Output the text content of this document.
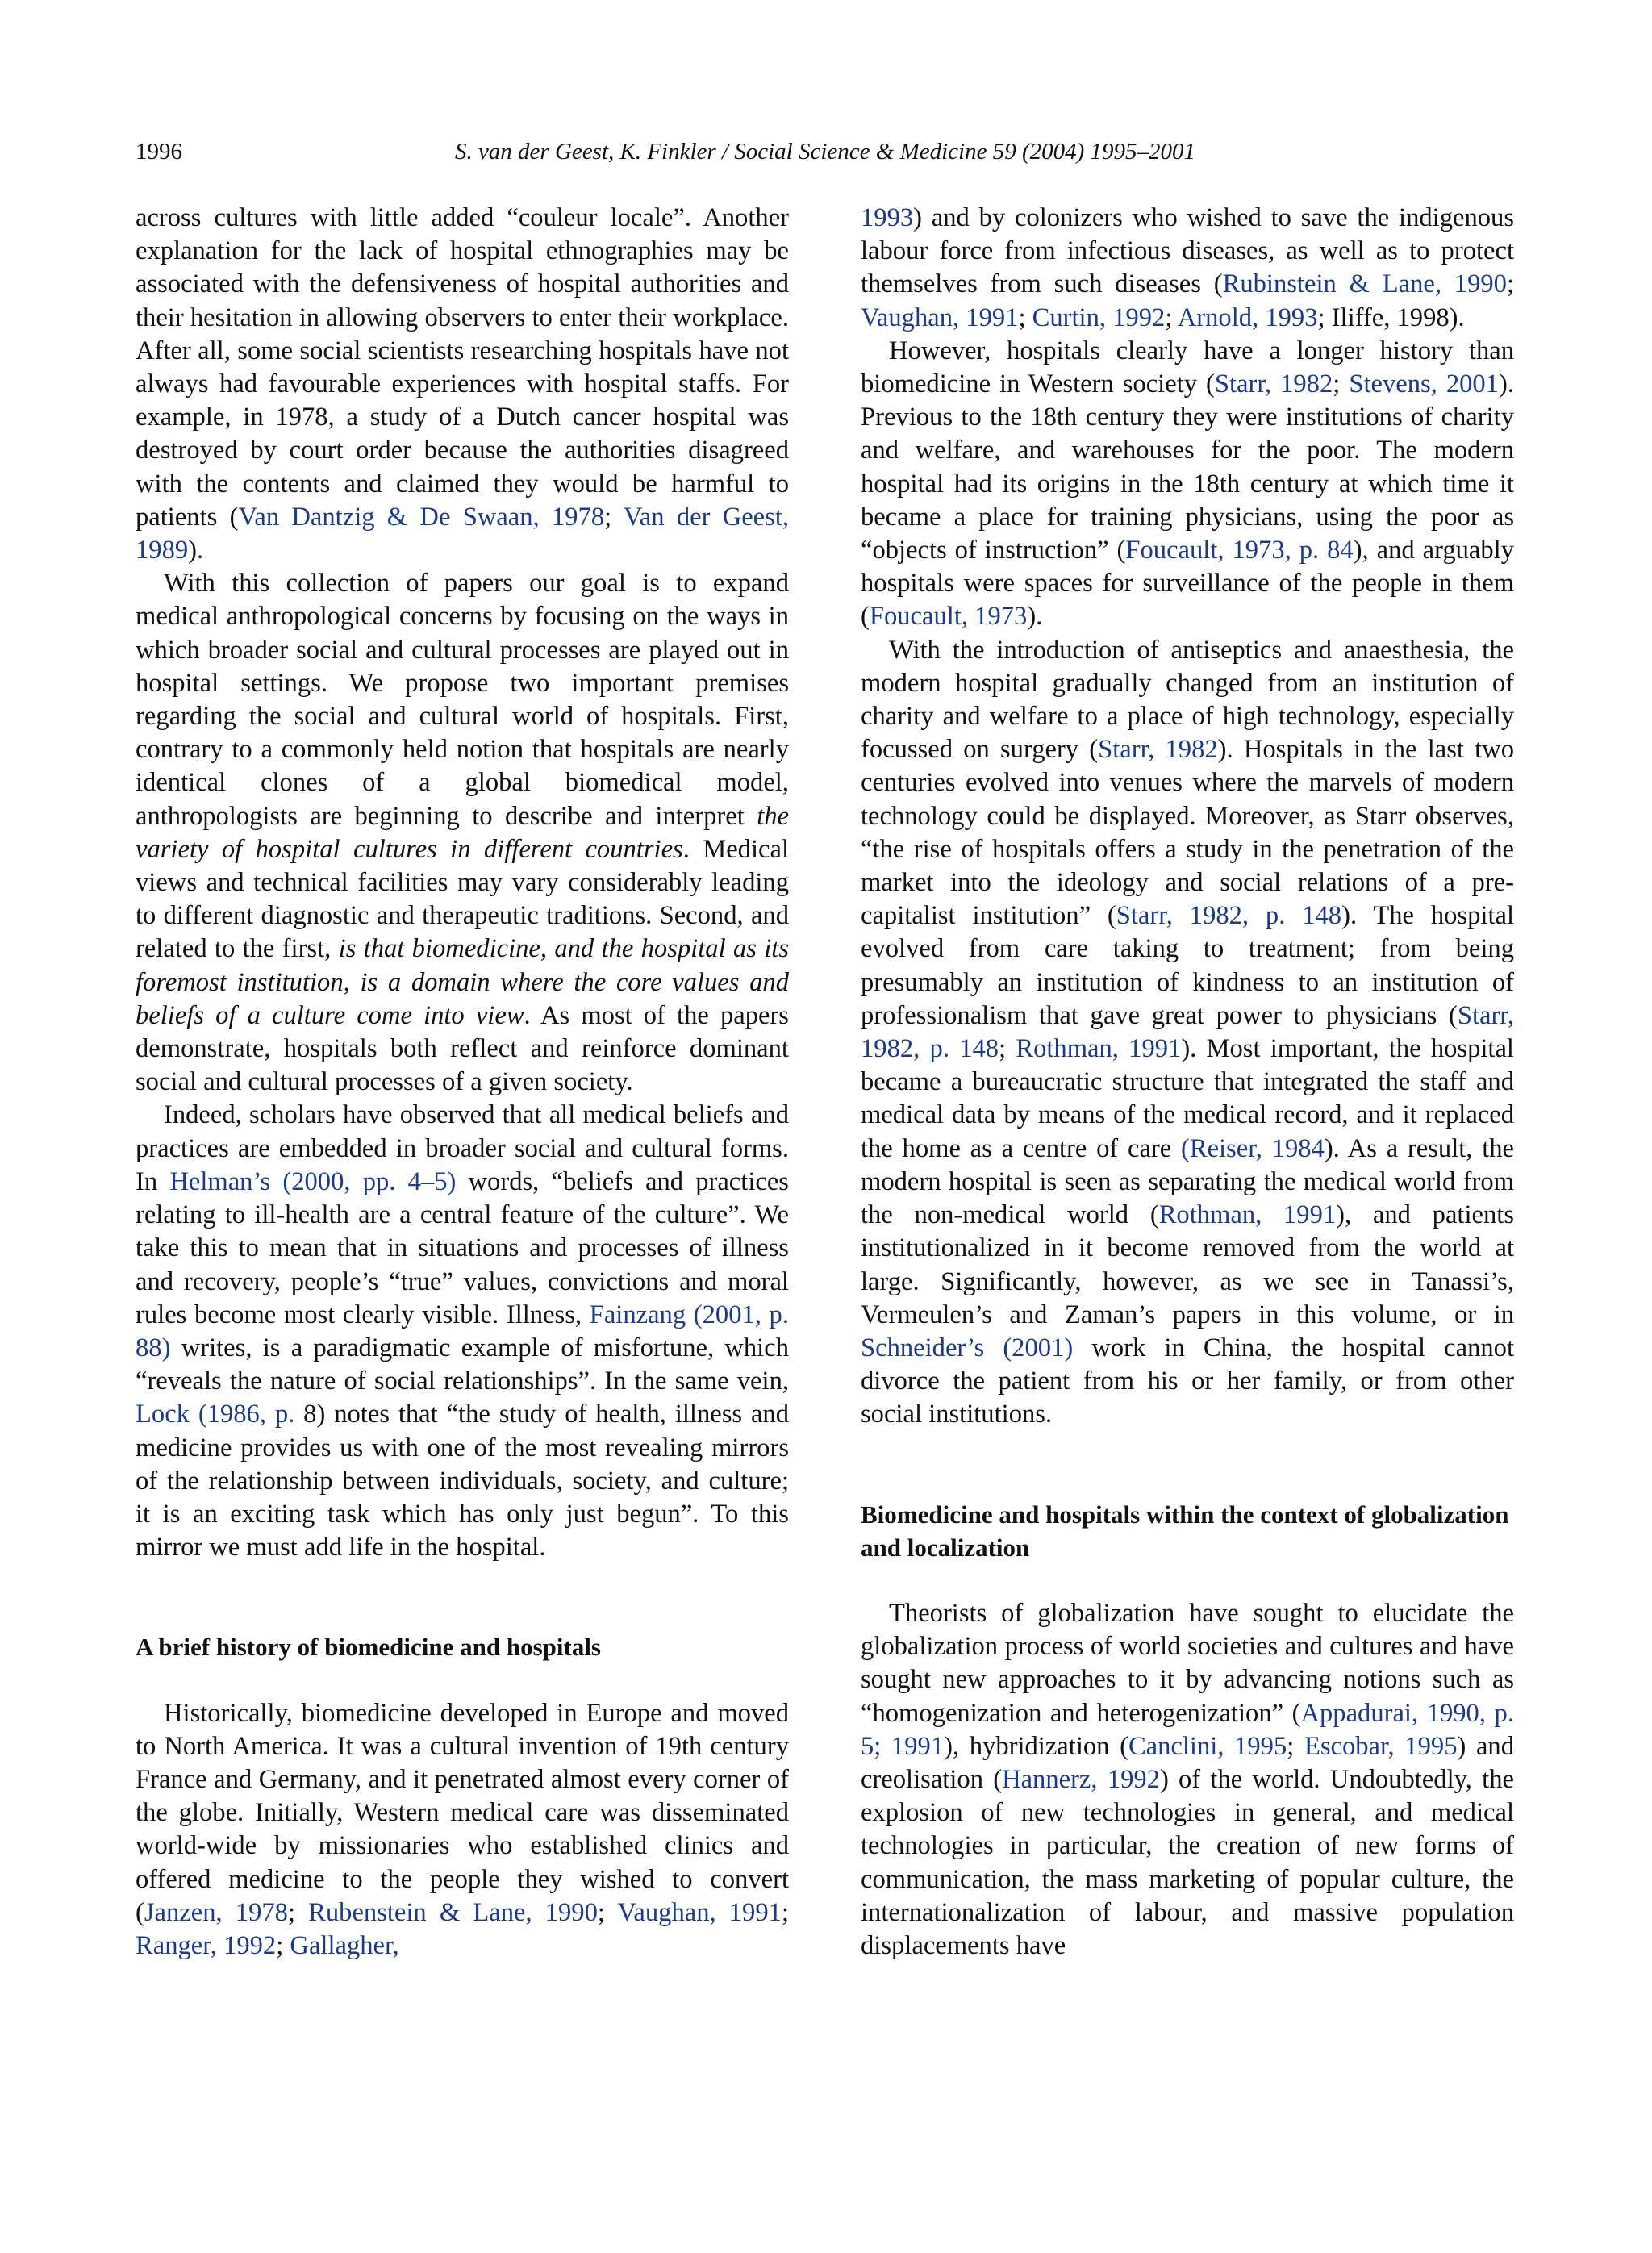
1996	S. van der Geest, K. Finkler / Social Science & Medicine 59 (2004) 1995–2001

across cultures with little added “couleur locale”. Another explanation for the lack of hospital ethnographies may be associated with the defensiveness of hospital authorities and their hesitation in allowing observers to enter their workplace. After all, some social scientists researching hospitals have not always had favourable experiences with hospital staffs. For example, in 1978, a study of a Dutch cancer hospital was destroyed by court order because the authorities disagreed with the contents and claimed they would be harmful to patients (Van Dantzig & De Swaan, 1978; Van der Geest, 1989).

With this collection of papers our goal is to expand medical anthropological concerns by focusing on the ways in which broader social and cultural processes are played out in hospital settings. We propose two important premises regarding the social and cultural world of hospitals. First, contrary to a commonly held notion that hospitals are nearly identical clones of a global biomedical model, anthropologists are beginning to describe and interpret the variety of hospital cultures in different countries. Medical views and technical facilities may vary considerably leading to different diagnostic and therapeutic traditions. Second, and related to the first, is that biomedicine, and the hospital as its foremost institution, is a domain where the core values and beliefs of a culture come into view. As most of the papers demonstrate, hospitals both reflect and reinforce dominant social and cultural processes of a given society.

Indeed, scholars have observed that all medical beliefs and practices are embedded in broader social and cultural forms. In Helman’s (2000, pp. 4–5) words, “beliefs and practices relating to ill-health are a central feature of the culture”. We take this to mean that in situations and processes of illness and recovery, people’s “true” values, convictions and moral rules become most clearly visible. Illness, Fainzang (2001, p. 88) writes, is a paradigmatic example of misfortune, which “reveals the nature of social relationships”. In the same vein, Lock (1986, p. 8) notes that “the study of health, illness and medicine provides us with one of the most revealing mirrors of the relationship between individuals, society, and culture; it is an exciting task which has only just begun”. To this mirror we must add life in the hospital.

A brief history of biomedicine and hospitals

Historically, biomedicine developed in Europe and moved to North America. It was a cultural invention of 19th century France and Germany, and it penetrated almost every corner of the globe. Initially, Western medical care was disseminated world-wide by missionaries who established clinics and offered medicine to the people they wished to convert (Janzen, 1978; Rubenstein & Lane, 1990; Vaughan, 1991; Ranger, 1992; Gallagher,

1993) and by colonizers who wished to save the indigenous labour force from infectious diseases, as well as to protect themselves from such diseases (Rubinstein & Lane, 1990; Vaughan, 1991; Curtin, 1992; Arnold, 1993; Iliffe, 1998).

However, hospitals clearly have a longer history than biomedicine in Western society (Starr, 1982; Stevens, 2001). Previous to the 18th century they were institutions of charity and welfare, and warehouses for the poor. The modern hospital had its origins in the 18th century at which time it became a place for training physicians, using the poor as “objects of instruction” (Foucault, 1973, p. 84), and arguably hospitals were spaces for surveillance of the people in them (Foucault, 1973).

With the introduction of antiseptics and anaesthesia, the modern hospital gradually changed from an institution of charity and welfare to a place of high technology, especially focussed on surgery (Starr, 1982). Hospitals in the last two centuries evolved into venues where the marvels of modern technology could be displayed. Moreover, as Starr observes, “the rise of hospitals offers a study in the penetration of the market into the ideology and social relations of a pre-capitalist institution” (Starr, 1982, p. 148). The hospital evolved from care taking to treatment; from being presumably an institution of kindness to an institution of professionalism that gave great power to physicians (Starr, 1982, p. 148; Rothman, 1991). Most important, the hospital became a bureaucratic structure that integrated the staff and medical data by means of the medical record, and it replaced the home as a centre of care (Reiser, 1984). As a result, the modern hospital is seen as separating the medical world from the non-medical world (Rothman, 1991), and patients institutionalized in it become removed from the world at large. Significantly, however, as we see in Tanassi’s, Vermeulen’s and Zaman’s papers in this volume, or in Schneider’s (2001) work in China, the hospital cannot divorce the patient from his or her family, or from other social institutions.

Biomedicine and hospitals within the context of globalization and localization

Theorists of globalization have sought to elucidate the globalization process of world societies and cultures and have sought new approaches to it by advancing notions such as “homogenization and heterogenization” (Appadurai, 1990, p. 5; 1991), hybridization (Canclini, 1995; Escobar, 1995) and creolisation (Hannerz, 1992) of the world. Undoubtedly, the explosion of new technologies in general, and medical technologies in particular, the creation of new forms of communication, the mass marketing of popular culture, the internationalization of labour, and massive population displacements have
